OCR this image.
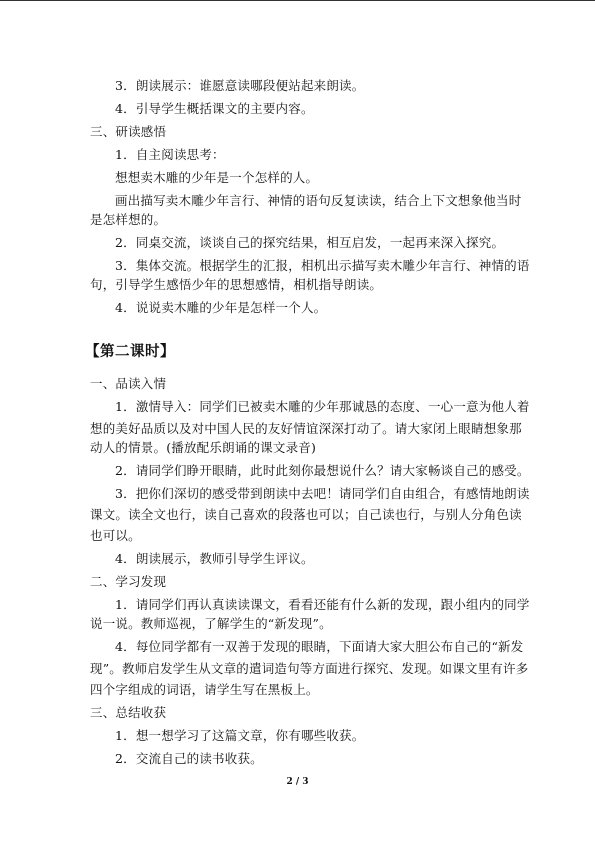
3．朗读展示：谁愿意读哪段便站起来朗读。
4．引导学生概括课文的主要内容。
三、研读感悟
1．自主阅读思考：
想想卖木雕的少年是一个怎样的人。
画出描写卖木雕少年言行、神情的语句反复读读，结合上下文想象他当时
是怎样想的。
2．同桌交流，谈谈自己的探究结果，相互启发，一起再来深入探究。
3．集体交流。根据学生的汇报，相机出示描写卖木雕少年言行、神情的语
句，引导学生感悟少年的思想感情，相机指导朗读。
4．说说卖木雕的少年是怎样一个人。
【第二课时】
一、品读入情
1．激情导入：同学们已被卖木雕的少年那诚恳的态度、一心一意为他人着
想的美好品质以及对中国人民的友好情谊深深打动了。请大家闭上眼睛想象那
动人的情景。(播放配乐朗诵的课文录音)
2．请同学们睁开眼睛，此时此刻你最想说什么？请大家畅谈自己的感受。
3．把你们深切的感受带到朗读中去吧！请同学们自由组合，有感情地朗读
课文。读全文也行，读自己喜欢的段落也可以；自己读也行，与别人分角色读
也可以。
4．朗读展示，教师引导学生评议。
二、学习发现
1．请同学们再认真读读课文，看看还能有什么新的发现，跟小组内的同学
说一说。教师巡视，了解学生的“新发现”。
4．每位同学都有一双善于发现的眼睛，下面请大家大胆公布自己的“新发
现”。教师启发学生从文章的遣词造句等方面进行探究、发现。如课文里有许多
四个字组成的词语，请学生写在黑板上。
三、总结收获
1．想一想学习了这篇文章，你有哪些收获。
2．交流自己的读书收获。
2 / 3
